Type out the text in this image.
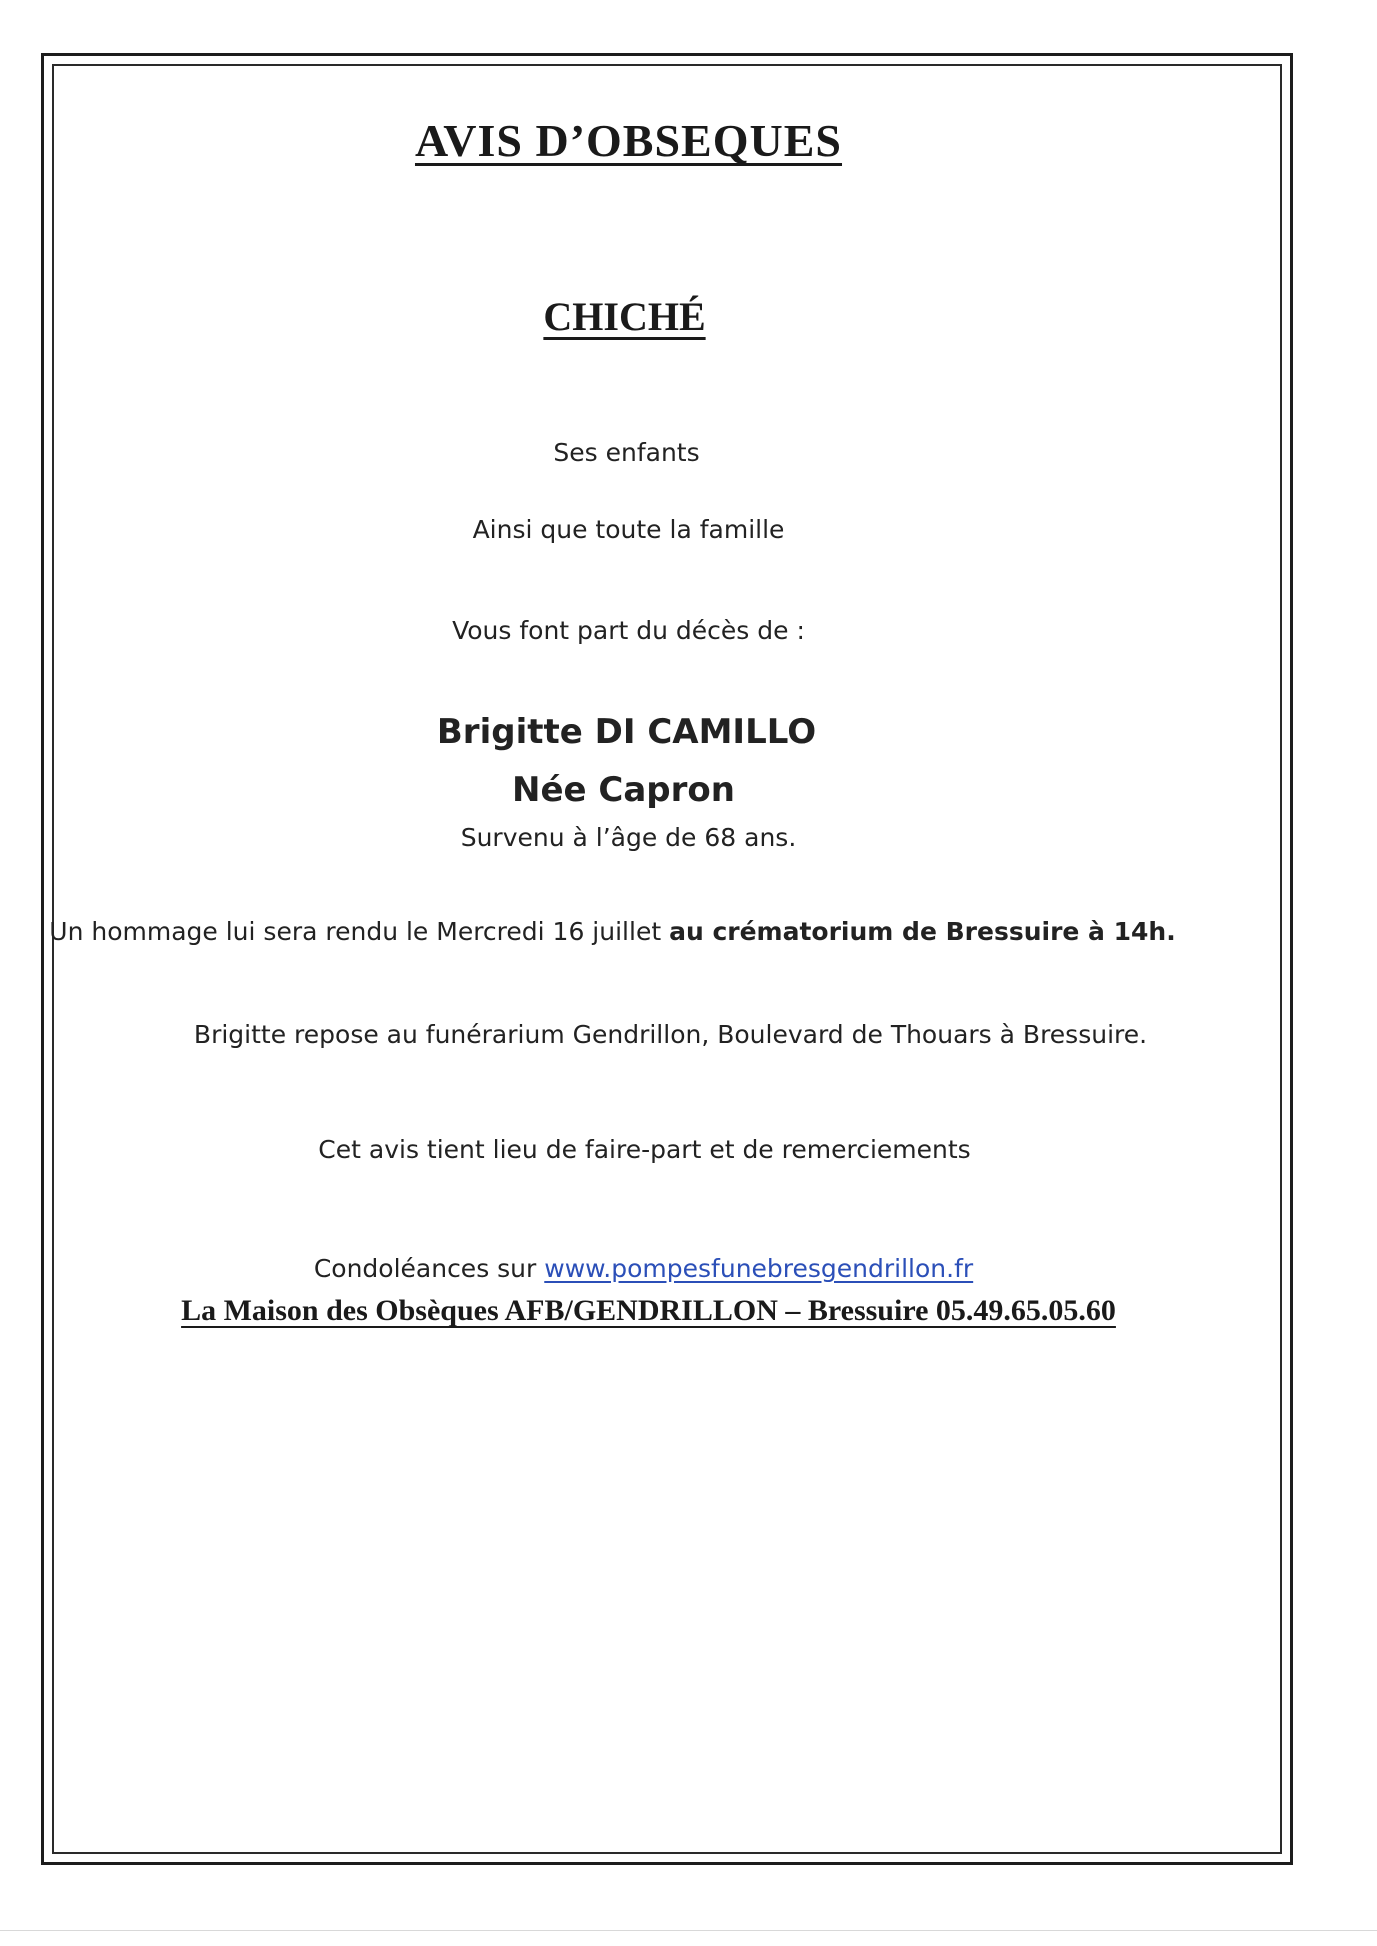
AVIS D’OBSEQUES
CHICHÉ

Ses enfants

Ainsi que toute la famille

Vous font part du décès de :

Brigitte DI CAMILLO

Née Capron

Survenu à l’âge de 68 ans.

Un hommage lui sera rendu le Mercredi 16 juillet au crématorium de Bressuire à 14h.

Brigitte repose au funérarium Gendrillon, Boulevard de Thouars à Bressuire.

Cet avis tient lieu de faire-part et de remerciements

Condoléances sur www.pompesfunebresgendrillon.fr

La Maison des Obsèques AFB/GENDRILLON – Bressuire 05.49.65.05.60
